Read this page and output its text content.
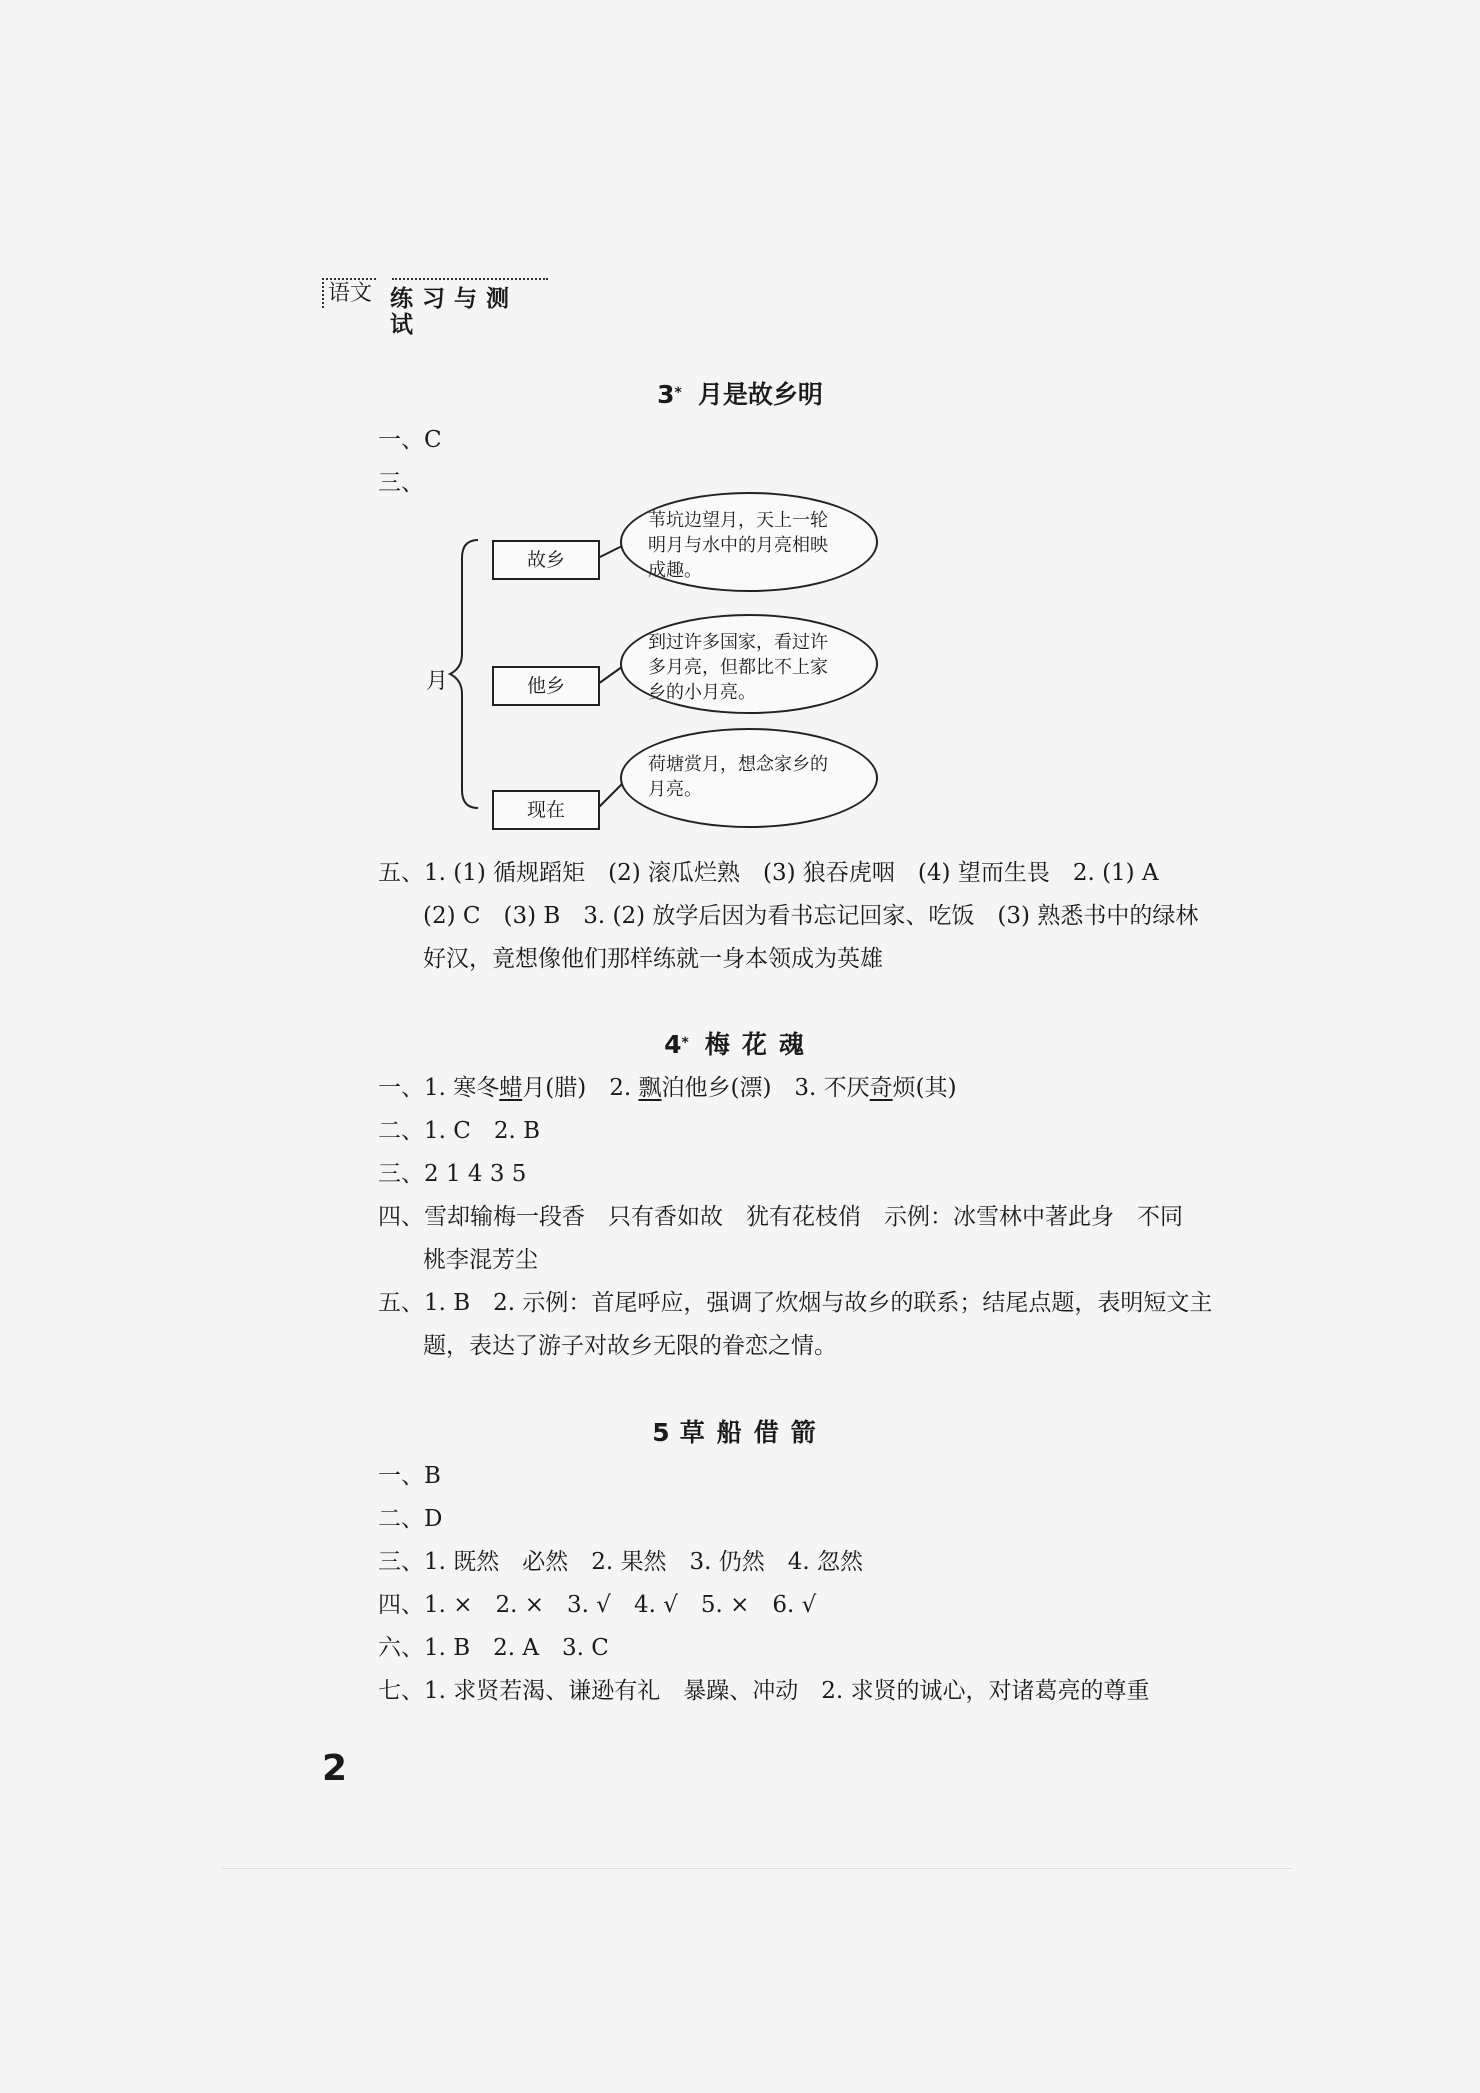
语文 练习与测试
3* 月是故乡明
一、C
三、
月
故乡
苇坑边望月，天上一轮
明月与水中的月亮相映
成趣。
他乡
到过许多国家，看过许
多月亮，但都比不上家
乡的小月亮。
现在
荷塘赏月，想念家乡的
月亮。
五、1. (1) 循规蹈矩　(2) 滚瓜烂熟　(3) 狼吞虎咽　(4) 望而生畏　2. (1) A
(2) C　(3) B　3. (2) 放学后因为看书忘记回家、吃饭　(3) 熟悉书中的绿林
好汉，竟想像他们那样练就一身本领成为英雄
4* 梅花魂
一、1. 寒冬蜡月(腊)　2. 飘泊他乡(漂)　3. 不厌奇烦(其)
二、1. C　2. B
三、2 1 4 3 5
四、雪却输梅一段香　只有香如故　犹有花枝俏　示例：冰雪林中著此身　不同
桃李混芳尘
五、1. B　2. 示例：首尾呼应，强调了炊烟与故乡的联系；结尾点题，表明短文主
题，表达了游子对故乡无限的眷恋之情。
5 草船借箭
一、B
二、D
三、1. 既然　必然　2. 果然　3. 仍然　4. 忽然
四、1. ×　2. ×　3. √　4. √　5. ×　6. √
六、1. B　2. A　3. C
七、1. 求贤若渴、谦逊有礼　暴躁、冲动　2. 求贤的诚心，对诸葛亮的尊重
2
